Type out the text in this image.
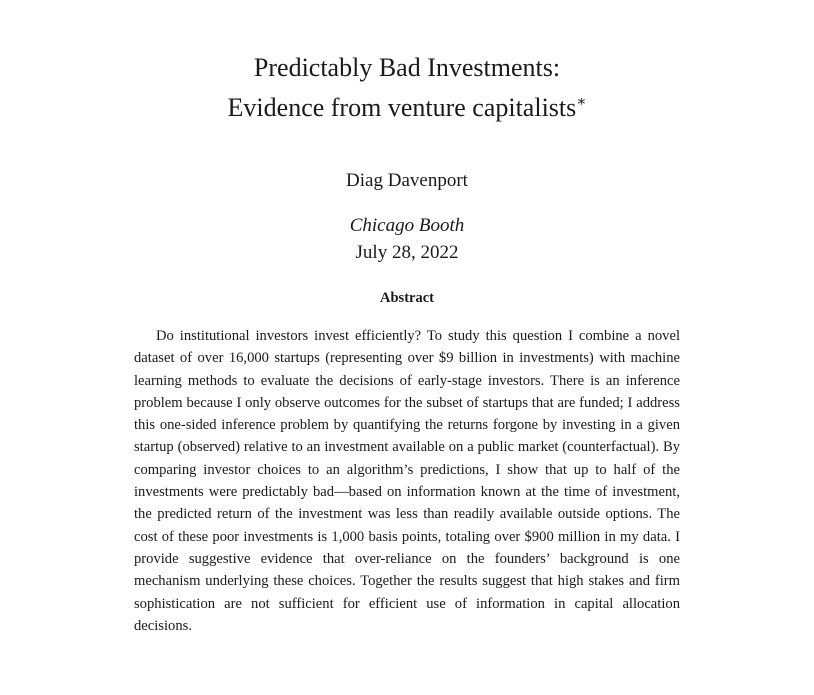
Predictably Bad Investments:
Evidence from venture capitalists∗
Diag Davenport
Chicago Booth
July 28, 2022
Abstract
Do institutional investors invest efficiently? To study this question I combine a novel dataset of over 16,000 startups (representing over $9 billion in investments) with machine learning methods to evaluate the decisions of early-stage investors. There is an inference problem because I only observe outcomes for the subset of startups that are funded; I address this one-sided inference problem by quantifying the returns forgone by investing in a given startup (observed) relative to an investment available on a public market (counterfactual). By comparing investor choices to an algorithm’s predictions, I show that up to half of the investments were predictably bad—based on information known at the time of investment, the predicted return of the investment was less than readily available outside options. The cost of these poor investments is 1,000 basis points, totaling over $900 million in my data. I provide suggestive evidence that over-reliance on the founders’ background is one mechanism underlying these choices. Together the results suggest that high stakes and firm sophistication are not sufficient for efficient use of information in capital allocation decisions.
